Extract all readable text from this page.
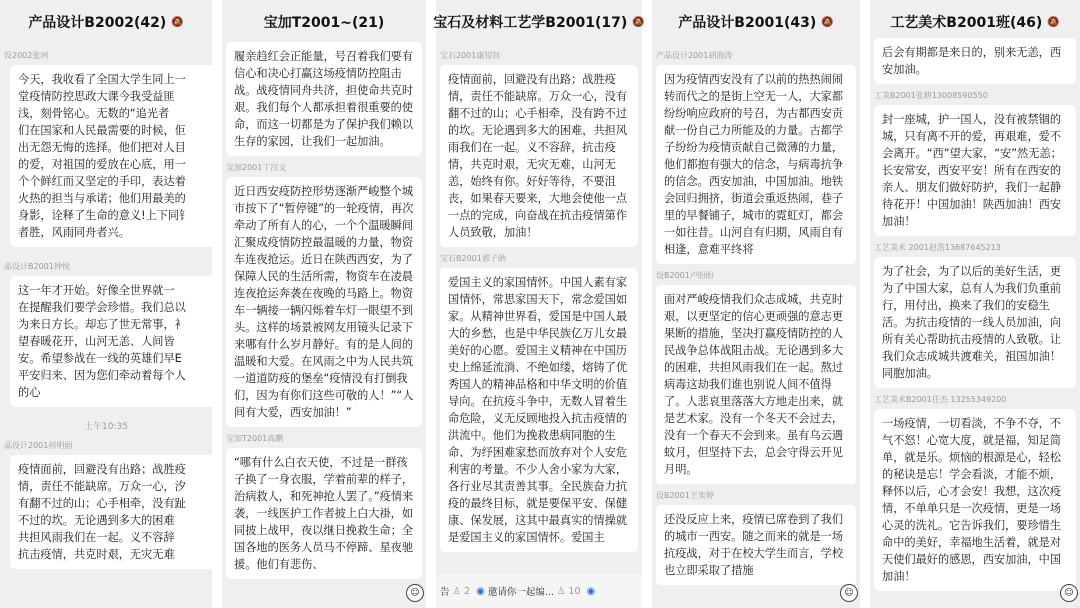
产品设计B2002(42) 🔕
设2002张珂
今天，我收看了全国大学生同上一
堂疫情防控思政大课今我受益匪
浅，刻骨铭心。无数的“追光者
们在国家和人民最需要的时候，佢
出无怨无悔的选择。他们把对人目
的爱，对祖国的爱放在心底，用一
个个鲜红而又坚定的手印，表达着
火热的担当与承诺；他们用最美的
身影，诠释了生命的意义!上下同钅
者胜，风雨同舟者兴。
品设计B2001钟悦
这一年才开始。好像全世界就一
在提醒我们要学会珍惜。我们总以
为来日方长。却忘了世无常事，衤
望春暖花开，山河无恙、人间皆
安。希望参战在一线的英雄们早E
平安归来、因为您们牵动着每个人
的心
上午10:35
品设计2001何明丽
疫情面前，回避没有出路；战胜疫
情，责任不能缺席。万众一心，汐
有翻不过的山；心手相牵，没有趾
不过的坎。无论遇到多大的困难
共担风雨我们在一起。义不容辞
抗击疫情，共克时艰，无灾无难
宝加T2001~(21)
履亲趋红会正能量，号召着我们要有信心和决心打赢这场疫情防控阻击战。战疫情同舟共济，担使命共克时艰。我们每个人都承担着很重要的使命，而这一切都是为了保护我们赖以生存的家园，让我们一起加油。
宝加2001丁汉文
近日西安疫防控形势逐渐严峻整个城市按下了“暂停键”的一轮疫情，再次牵动了所有人的心，一个个温暖瞬间汇聚成疫情防控最温暖的力量，物资车连夜抢运。近日在陕西西安，为了保障人民的生活所需，物资车在凌晨连夜抢运奔袭在夜晚的马路上。物资车一辆接一辆闪烁着车灯一眼望不到头。这样的场景被网友用镜头记录下来哪有什么岁月静好。有的是人间的温暖和大爱。在风雨之中为人民共筑一道道防疫的堡垒“疫情没有打倒我们，因为有你们这些可敬的人！”“人间有大爱，西安加油！”
宝加T2001高鹏
“哪有什么白衣天使，不过是一群孩子换了一身衣服，学着前辈的样子，治病救人，和死神抢人罢了。”疫情来袭，一线医护工作者披上白大褂，如同披上战甲，夜以继日挽救生命；全国各地的医务人员马不停蹄、星夜驰援。他们有悲伤、
☺
宝石及材料工艺学B2001(17) 🔕
宝石2001康锃钰
疫情面前，回避没有出路；战胜疫情，责任不能缺席。万众一心，没有翻不过的山；心手相牵，没有跨不过的坎。无论遇到多大的困难，共担风雨我们在一起。义不容辞，抗击疫情，共克时艰，无灾无难，山河无恙，始终有你。好好等待，不要沮丧，如果春天要来，大地会使他一点一点的完成，向奋战在抗击疫情第作人员致敬，加油！
宝石B2001郭子勋
爱国主义的家国情怀。中国人素有家国情怀，常思家国天下，常念爱国如家。从精神世界看，爱国是中国人最大的乡愁，也是中华民族亿万儿女最美好的心愿。爱国主义精神在中国历史上绵延流淌、不绝如缕，熔铸了优秀国人的精神品格和中华文明的价值导向。在抗疫斗争中，无数人冒着生命危险，义无反顾地投入抗击疫情的洪流中。他们为挽救患病同胞的生命、为纾困难家愁而放弃对个人安危利害的考量。不少人舍小家为大家，各行业尽其责善其事。全民族奋力抗疫的最终目标，就是要保平安、保健康、保发展，这其中最真实的情操就是爱国主义的家国情怀。爱国主
告 ♙ 2 ◉ 邀请你一起编... ♙ 10 ◉
产品设计B2001(43) 🔕
产品设计2001胡海涛
因为疫情西安没有了以前的热热闹闹转而代之的是街上空无一人，大家都纷纷响应政府的号召，为古都西安贡献一份自己力所能及的力量。古都学子纷纷为疫情贡献自己微薄的力量，他们都抱有强大的信念，与病毒抗争的信念。西安加油，中国加油。地铁会回归拥挤，街道会重返热闹，巷子里的早餐铺子，城市的霓虹灯，都会一如往昔。山河自有归期，风雨自有相逢，意难平终将
设B2001卢盼盼
面对严峻疫情我们众志成城，共克时艰，以更坚定的信心更顽强的意志更果断的措施，坚决打赢疫情防控的人民战争总体战阻击战。无论遇到多大的困难，共担风雨我们在一起。熬过病毒这劫我们谁也别说人间不值得了。人悲哀里落落大方地走出来，就是艺术家。没有一个冬天不会过去，没有一个春天不会到来。虽有乌云遇蚊月，但坚持下去，总会守得云开见月明。
设B2001王奕婷
还没反应上来，疫情已席卷到了我们的城市一西安。随之而来的就是一场抗疫战，对于在校大学生而言，学校也立即采取了措施
☺
工艺美术B2001班(46) 🔕
后会有期都是来日的，别来无恙，西安加油。
工美B2001张耕13008590550
封一座城，护一国人，没有被禁锢的城，只有离不开的爱，再艰难，爱不会离开。“西”望大家，“安”然无恙；长安常安，西安平安！所有在西安的亲人、朋友们做好防护，我们一起静待花开！中国加油！陕西加油！西安加油！
工艺美术 2001赵浩13687645213
为了社会，为了以后的美好生活，更为了中国大家，总有人为我们负重前行，用付出，换来了我们的安稳生活。为抗击疫情的一线人员加油，向所有关心帮助抗击疫情的人致敬。让我们众志成城共渡难关，祖国加油！同胞加油。
工艺美术B2001任杰 13255349200
一场疫情，一切看淡，不争不夺，不气不怒！心宽大度，就是福，知足简单，就是乐。烦恼的根源是心，轻松的秘诀是忘！学会看淡，才能不烦，释怀以后，心才会安！我想，这次疫情，不单单只是一次疫情，更是一场心灵的洗礼。它告诉我们，要珍惜生命中的美好，幸福地生活着，就是对天使们最好的感恩，西安加油，中国加油！
☺
